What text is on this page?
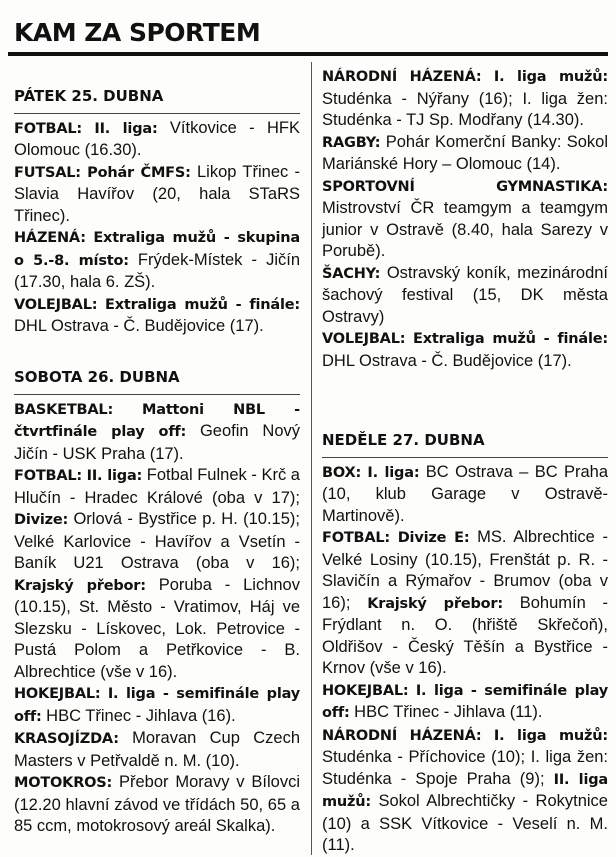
KAM ZA SPORTEM
PÁTEK 25. DUBNA

FOTBAL: II. liga: Vítkovice - HFK Olomouc (16.30).

FUTSAL: Pohár ČMFS: Likop Třinec - Slavia Havířov (20, hala STaRS Třinec).

HÁZENÁ: Extraliga mužů - skupina o 5.-8. místo: Frýdek-Místek - Jičín (17.30, hala 6. ZŠ).

VOLEJBAL: Extraliga mužů - finále: DHL Ostrava - Č. Budějovice (17).

SOBOTA 26. DUBNA

BASKETBAL: Mattoni NBL - čtvrtfinále play off: Geofin Nový Jičín - USK Praha (17).

FOTBAL: II. liga: Fotbal Fulnek - Krč a Hlučín - Hradec Králové (oba v 17); Divize: Orlová - Bystřice p. H. (10.15); Velké Karlovice - Havířov a Vsetín - Baník U21 Ostrava (oba v 16); Krajský přebor: Poruba - Lichnov (10.15), St. Město - Vratimov, Háj ve Slezsku - Lískovec, Lok. Petrovice - Pustá Polom a Petřkovice - B. Albrechtice (vše v 16).

HOKEJBAL: I. liga - semifinále play off: HBC Třinec - Jihlava (16).

KRASOJÍZDA: Moravan Cup Czech Masters v Petřvaldě n. M. (10).

MOTOKROS: Přebor Moravy v Bílovci (12.20 hlavní závod ve třídách 50, 65 a 85 ccm, motokrosový areál Skalka).

NÁRODNÍ HÁZENÁ: I. liga mužů: Studénka - Nýřany (16); I. liga žen: Studénka - TJ Sp. Modřany (14.30).

RAGBY: Pohár Komerční Banky: Sokol Mariánské Hory – Olomouc (14).

SPORTOVNÍ GYMNASTIKA: Mistrovství ČR teamgym a teamgym junior v Ostravě (8.40, hala Sarezy v Porubě).

ŠACHY: Ostravský koník, mezinárodní šachový festival (15, DK města Ostravy)

VOLEJBAL: Extraliga mužů - finále: DHL Ostrava - Č. Budějovice (17).

NEDĚLE 27. DUBNA

BOX: I. liga: BC Ostrava – BC Praha (10, klub Garage v Ostravě-Martinově).

FOTBAL: Divize E: MS. Albrechtice - Velké Losiny (10.15), Frenštát p. R. - Slavičín a Rýmařov - Brumov (oba v 16); Krajský přebor: Bohumín - Frýdlant n. O. (hřiště Skřečoň), Oldřišov - Český Těšín a Bystřice - Krnov (vše v 16).

HOKEJBAL: I. liga - semifinále play off: HBC Třinec - Jihlava (11).

NÁRODNÍ HÁZENÁ: I. liga mužů: Studénka - Příchovice (10); I. liga žen: Studénka - Spoje Praha (9); II. liga mužů: Sokol Albrechtičky - Rokytnice (10) a SSK Vítkovice - Veselí n. M. (11).
